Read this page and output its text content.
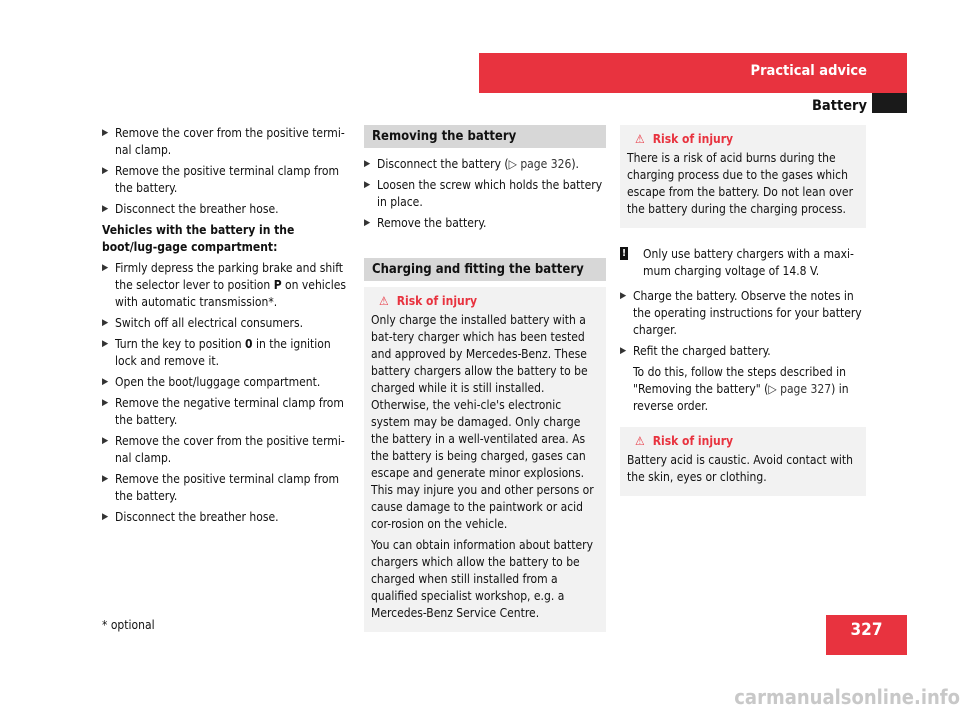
Practical advice
Battery
▶ Remove the cover from the positive termi-nal clamp.
▶ Remove the positive terminal clamp from the battery.
▶ Disconnect the breather hose.
Vehicles with the battery in the boot/lug-gage compartment:
▶ Firmly depress the parking brake and shift the selector lever to position P on vehicles with automatic transmission*.
▶ Switch off all electrical consumers.
▶ Turn the key to position 0 in the ignition lock and remove it.
▶ Open the boot/luggage compartment.
▶ Remove the negative terminal clamp from the battery.
▶ Remove the cover from the positive termi-nal clamp.
▶ Remove the positive terminal clamp from the battery.
▶ Disconnect the breather hose.
Removing the battery
▶ Disconnect the battery (▷ page 326).
▶ Loosen the screw which holds the battery in place.
▶ Remove the battery.
Charging and fitting the battery
⚠ Risk of injury

Only charge the installed battery with a bat-tery charger which has been tested and approved by Mercedes-Benz. These battery chargers allow the battery to be charged while it is still installed. Otherwise, the vehi-cle's electronic system may be damaged. Only charge the battery in a well-ventilated area. As the battery is being charged, gases can escape and generate minor explosions. This may injure you and other persons or cause damage to the paintwork or acid cor-rosion on the vehicle.

You can obtain information about battery chargers which allow the battery to be charged when still installed from a qualified specialist workshop, e.g. a Mercedes-Benz Service Centre.

⚠ Risk of injury

There is a risk of acid burns during the charging process due to the gases which escape from the battery. Do not lean over the battery during the charging process.

! Only use battery chargers with a maxi-mum charging voltage of 14.8 V.
▶ Charge the battery. Observe the notes in the operating instructions for your battery charger.
▶ Refit the charged battery.
To do this, follow the steps described in "Removing the battery" (▷ page 327) in reverse order.
⚠ Risk of injury

Battery acid is caustic. Avoid contact with the skin, eyes or clothing.

327
* optional
carmanualsonline.info
